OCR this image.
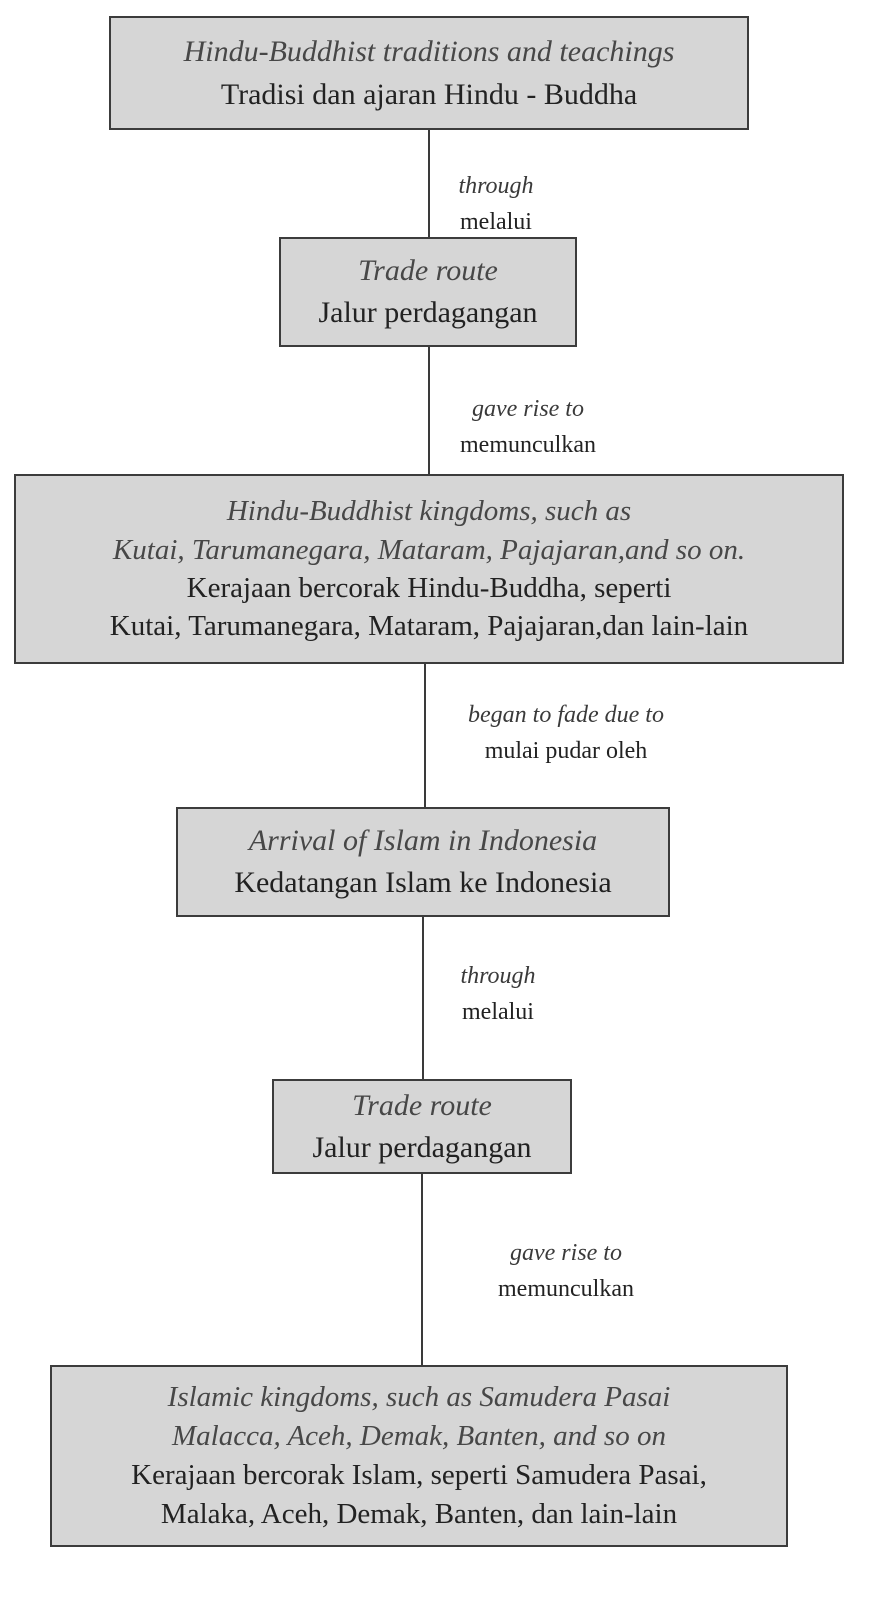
through
melalui
gave rise to
memunculkan
began to fade due to
mulai pudar oleh
through
melalui
gave rise to
memunculkan
Hindu-Buddhist traditions and teachings
Tradisi dan ajaran Hindu - Buddha
Trade route
Jalur perdagangan
Hindu-Buddhist kingdoms, such as
Kutai, Tarumanegara, Mataram, Pajajaran,and so on.
Kerajaan bercorak Hindu-Buddha, seperti
Kutai, Tarumanegara, Mataram, Pajajaran,dan lain-lain
Arrival of Islam in Indonesia
Kedatangan Islam ke Indonesia
Trade route
Jalur perdagangan
Islamic kingdoms, such as Samudera Pasai
Malacca, Aceh, Demak, Banten, and so on
Kerajaan bercorak Islam, seperti Samudera Pasai,
Malaka, Aceh, Demak, Banten, dan lain-lain
